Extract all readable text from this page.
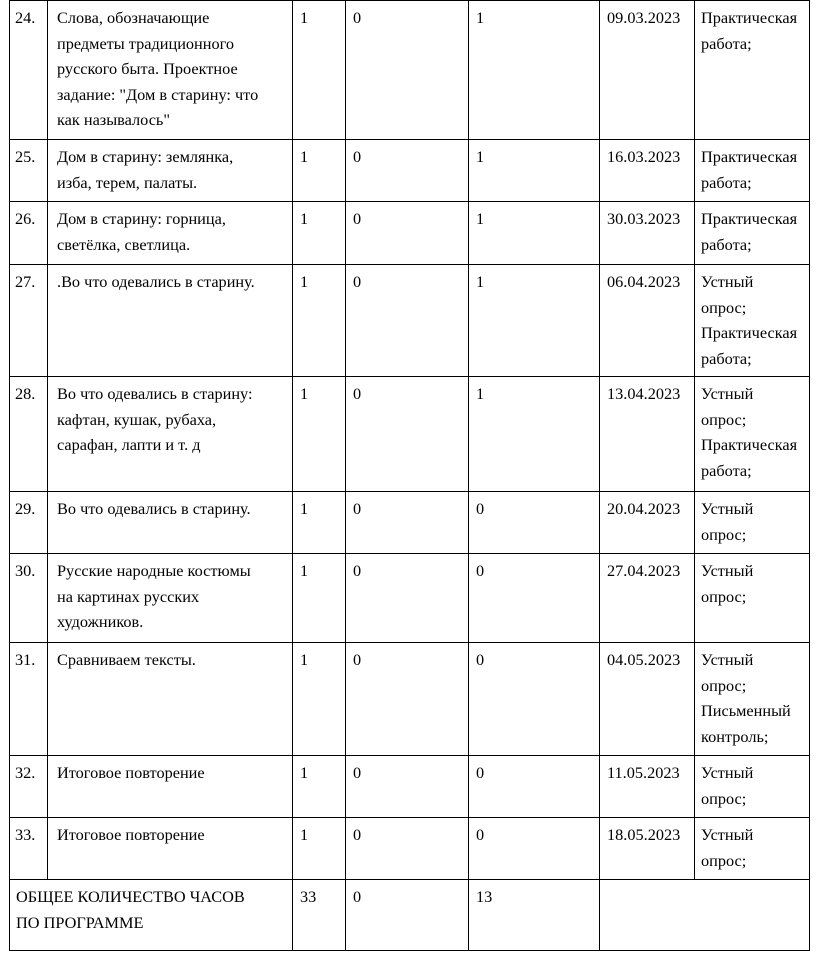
24.	Слова, обозначающие
предметы традиционного
русского быта. Проектное
задание: "Дом в старину: что
как называлось"	1	0	1	09.03.2023	Практическая
работа;

25.	Дом в старину: землянка,
изба, терем, палаты.	1	0	1	16.03.2023	Практическая
работа;

26.	Дом в старину: горница,
светёлка, светлица.	1	0	1	30.03.2023	Практическая
работа;

27.	.Во что одевались в старину.	1	0	1	06.04.2023	Устный
опрос;
Практическая
работа;

28.	Во что одевались в старину:
кафтан, кушак, рубаха,
сарафан, лапти и т. д	1	0	1	13.04.2023	Устный
опрос;
Практическая
работа;

29.	Во что одевались в старину.	1	0	0	20.04.2023	Устный
опрос;

30.	Русские народные костюмы
на картинах русских
художников.	1	0	0	27.04.2023	Устный
опрос;

31.	Сравниваем тексты.	1	0	0	04.05.2023	Устный
опрос;
Письменный
контроль;

32.	Итоговое повторение	1	0	0	11.05.2023	Устный
опрос;

33.	Итоговое повторение	1	0	0	18.05.2023	Устный
опрос;

ОБЩЕЕ КОЛИЧЕСТВО ЧАСОВ
ПО ПРОГРАММЕ		33	0	13		
